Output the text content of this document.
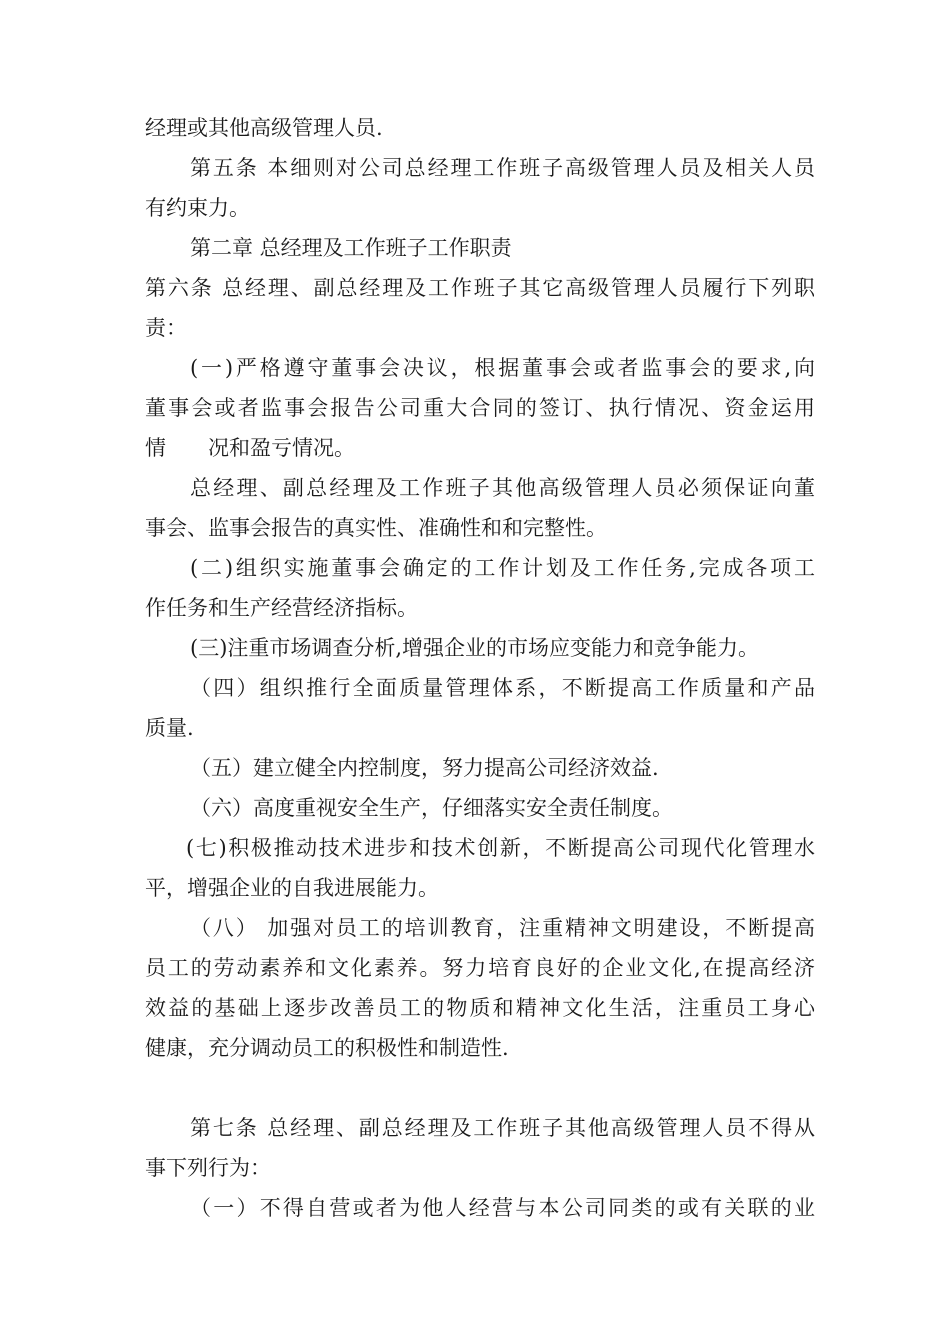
经理或其他高级管理人员.
第五条 本细则对公司总经理工作班子高级管理人员及相关人员
有约束力。
第二章 总经理及工作班子工作职责
第六条 总经理、副总经理及工作班子其它高级管理人员履行下列职
责：
(一)严格遵守董事会决议，根据董事会或者监事会的要求,向
董事会或者监事会报告公司重大合同的签订、执行情况、资金运用
情　　况和盈亏情况。
总经理、副总经理及工作班子其他高级管理人员必须保证向董
事会、监事会报告的真实性、准确性和和完整性。
(二)组织实施董事会确定的工作计划及工作任务,完成各项工
作任务和生产经营经济指标。
(三)注重市场调查分析,增强企业的市场应变能力和竞争能力。
（四）组织推行全面质量管理体系，不断提高工作质量和产品
质量.
（五）建立健全内控制度，努力提高公司经济效益.
（六）高度重视安全生产，仔细落实安全责任制度。
(七)积极推动技术进步和技术创新，不断提高公司现代化管理水
平，增强企业的自我进展能力。
（八） 加强对员工的培训教育，注重精神文明建设，不断提高
员工的劳动素养和文化素养。努力培育良好的企业文化,在提高经济
效益的基础上逐步改善员工的物质和精神文化生活，注重员工身心
健康，充分调动员工的积极性和制造性.
第七条 总经理、副总经理及工作班子其他高级管理人员不得从
事下列行为：
（一）不得自营或者为他人经营与本公司同类的或有关联的业
